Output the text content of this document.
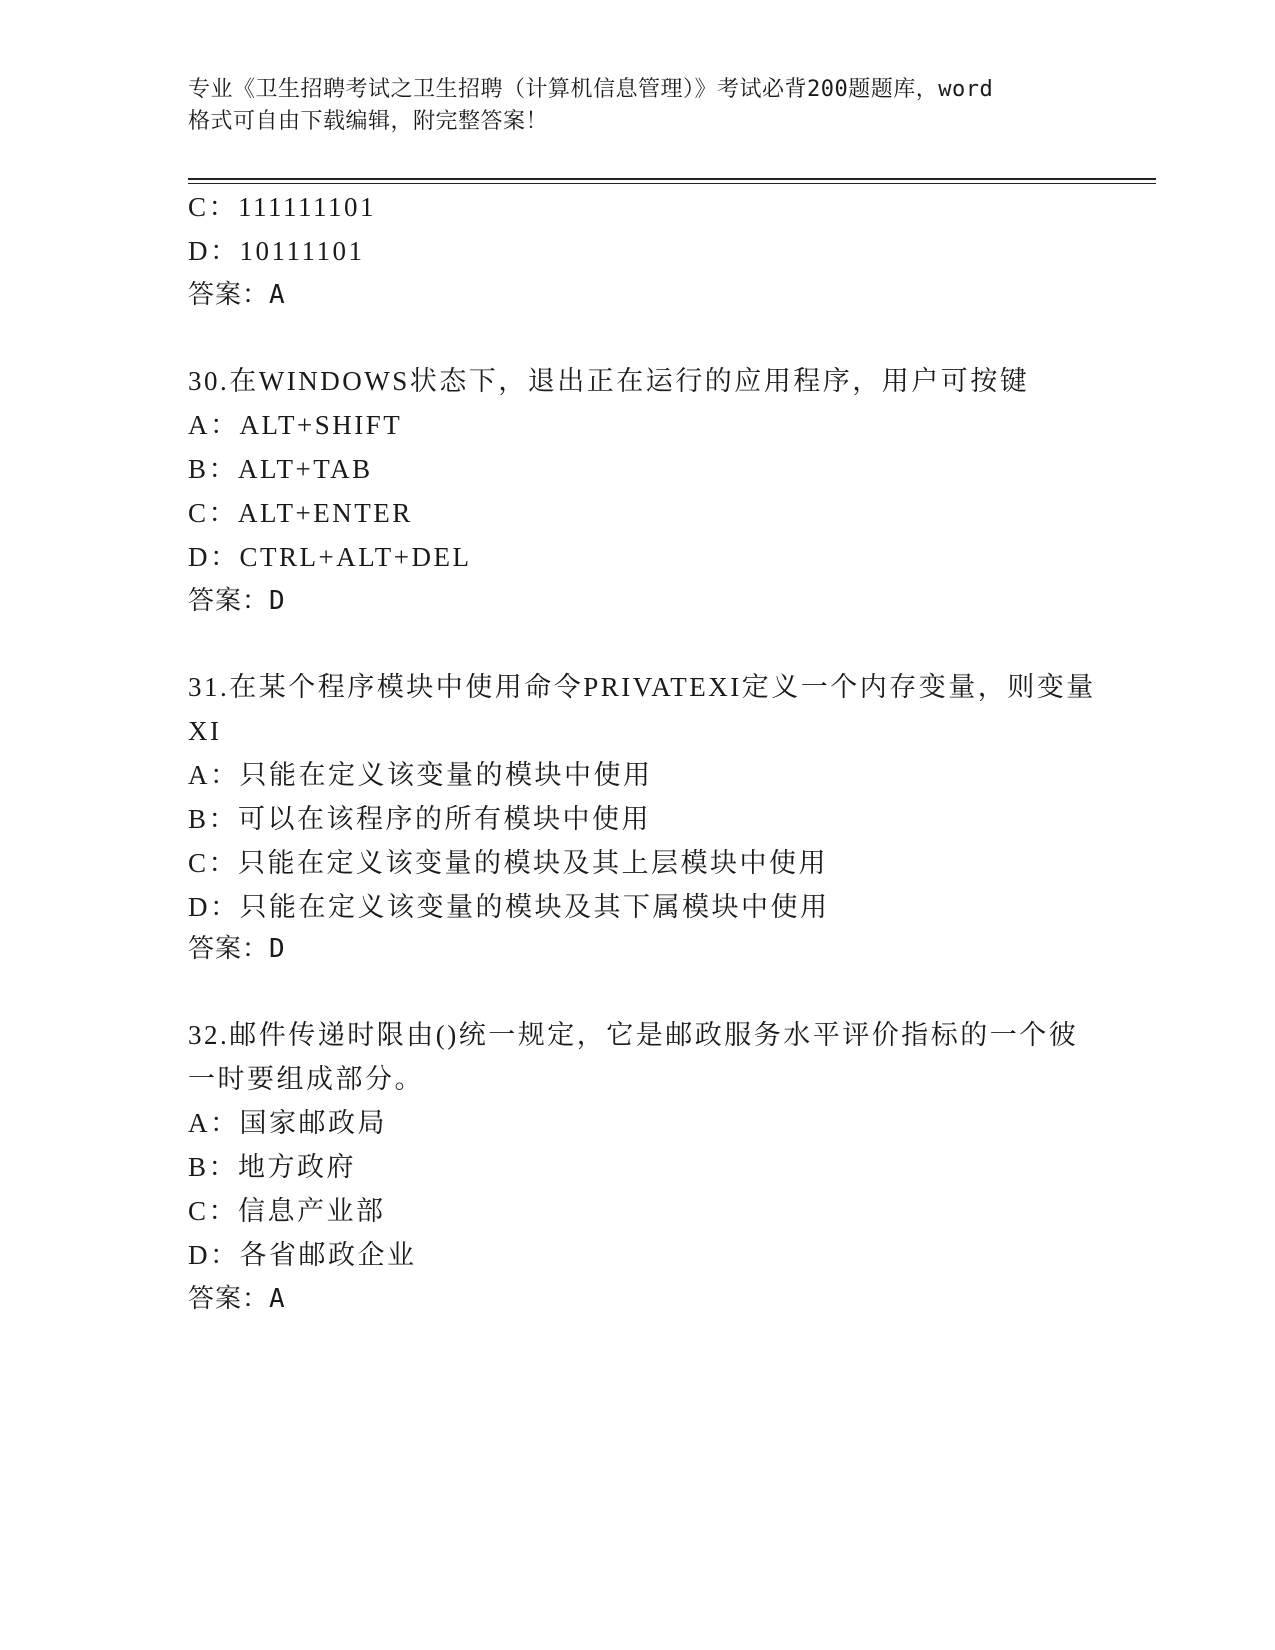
专业《卫生招聘考试之卫生招聘（计算机信息管理）》考试必背200题题库，word
格式可自由下载编辑，附完整答案！
C：111111101
D：10111101
答案：A
30.在WINDOWS状态下，退出正在运行的应用程序，用户可按键
A：ALT+SHIFT
B：ALT+TAB
C：ALT+ENTER
D：CTRL+ALT+DEL
答案：D
31.在某个程序模块中使用命令PRIVATEXI定义一个内存变量，则变量
XI
A：只能在定义该变量的模块中使用
B：可以在该程序的所有模块中使用
C：只能在定义该变量的模块及其上层模块中使用
D：只能在定义该变量的模块及其下属模块中使用
答案：D
32.邮件传递时限由()统一规定，它是邮政服务水平评价指标的一个彼
一时要组成部分。
A：国家邮政局
B：地方政府
C：信息产业部
D：各省邮政企业
答案：A
